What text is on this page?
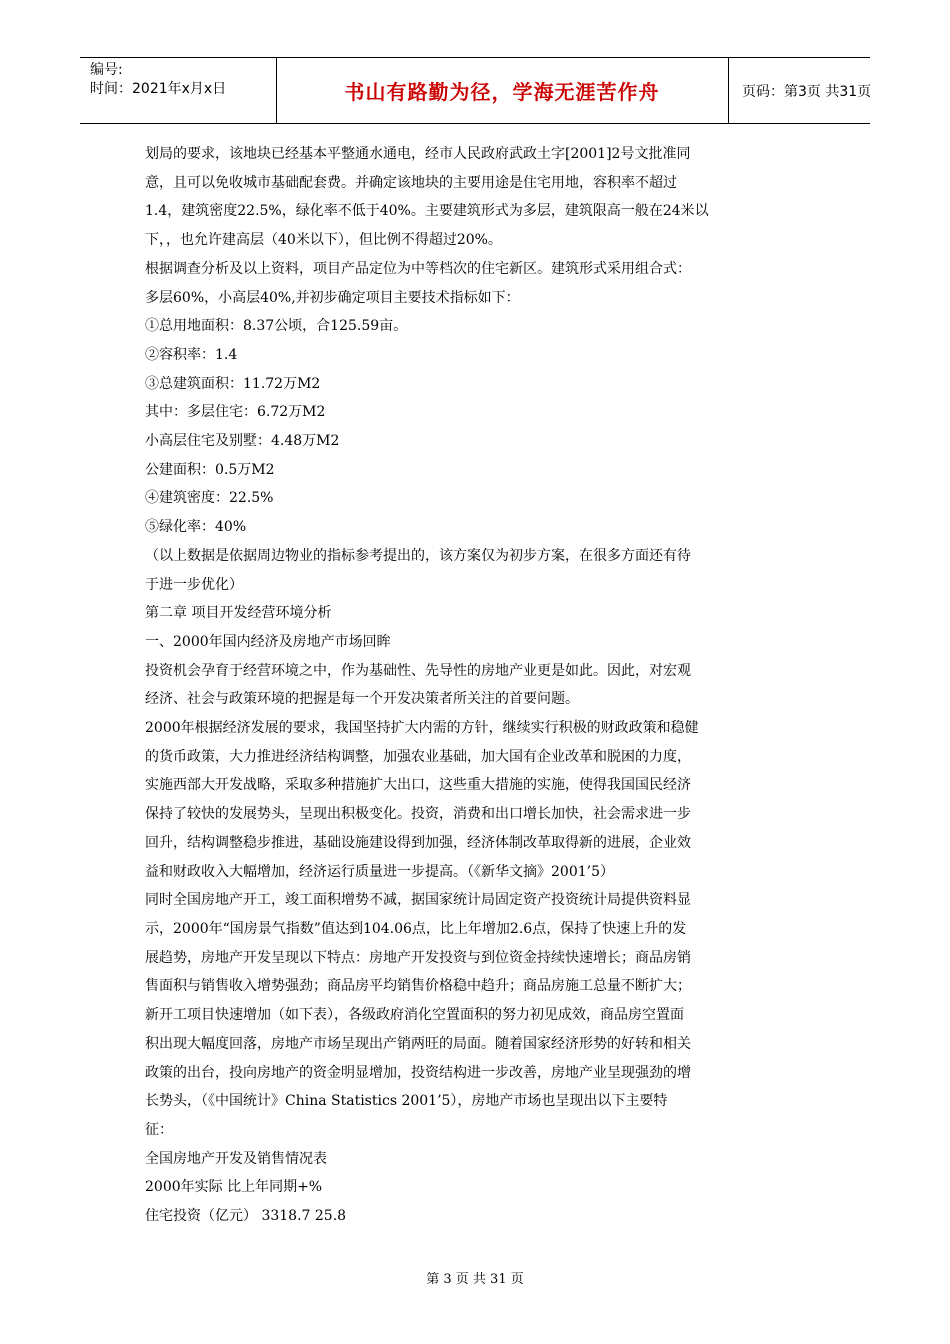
编号:
时间：2021年x月x日	书山有路勤为径，学海无涯苦作舟	页码：第3页 共31页

划局的要求，该地块已经基本平整通水通电，经市人民政府武政土字[2001]2号文批准同

意，且可以免收城市基础配套费。并确定该地块的主要用途是住宅用地，容积率不超过

1.4，建筑密度22.5%，绿化率不低于40%。主要建筑形式为多层，建筑限高一般在24米以

下，，也允许建高层（40米以下），但比例不得超过20%。

根据调查分析及以上资料，项目产品定位为中等档次的住宅新区。建筑形式采用组合式：

多层60%，小高层40%,并初步确定项目主要技术指标如下：

①总用地面积：8.37公顷，合125.59亩。

②容积率：1.4

③总建筑面积：11.72万M2

其中：多层住宅：6.72万M2

小高层住宅及别墅：4.48万M2

公建面积：0.5万M2

④建筑密度：22.5%

⑤绿化率：40%

（以上数据是依据周边物业的指标参考提出的，该方案仅为初步方案，在很多方面还有待

于进一步优化）

第二章 项目开发经营环境分析

一、2000年国内经济及房地产市场回眸

投资机会孕育于经营环境之中，作为基础性、先导性的房地产业更是如此。因此，对宏观

经济、社会与政策环境的把握是每一个开发决策者所关注的首要问题。

2000年根据经济发展的要求，我国坚持扩大内需的方针，继续实行积极的财政政策和稳健

的货币政策，大力推进经济结构调整，加强农业基础，加大国有企业改革和脱困的力度，

实施西部大开发战略，采取多种措施扩大出口，这些重大措施的实施，使得我国国民经济

保持了较快的发展势头，呈现出积极变化。投资，消费和出口增长加快，社会需求进一步

回升，结构调整稳步推进，基础设施建设得到加强，经济体制改革取得新的进展，企业效

益和财政收入大幅增加，经济运行质量进一步提高。（《新华文摘》2001’5）

同时全国房地产开工，竣工面积增势不减，据国家统计局固定资产投资统计局提供资料显

示，2000年“国房景气指数”值达到104.06点，比上年增加2.6点，保持了快速上升的发

展趋势，房地产开发呈现以下特点：房地产开发投资与到位资金持续快速增长；商品房销

售面积与销售收入增势强劲；商品房平均销售价格稳中趋升；商品房施工总量不断扩大；

新开工项目快速增加（如下表），各级政府消化空置面积的努力初见成效，商品房空置面

积出现大幅度回落，房地产市场呈现出产销两旺的局面。随着国家经济形势的好转和相关

政策的出台，投向房地产的资金明显增加，投资结构进一步改善，房地产业呈现强劲的增

长势头，（《中国统计》China Statistics 2001’5），房地产市场也呈现出以下主要特

征：

全国房地产开发及销售情况表

2000年实际 比上年同期+%

住宅投资（亿元） 3318.7 25.8

第 3 页 共 31 页
